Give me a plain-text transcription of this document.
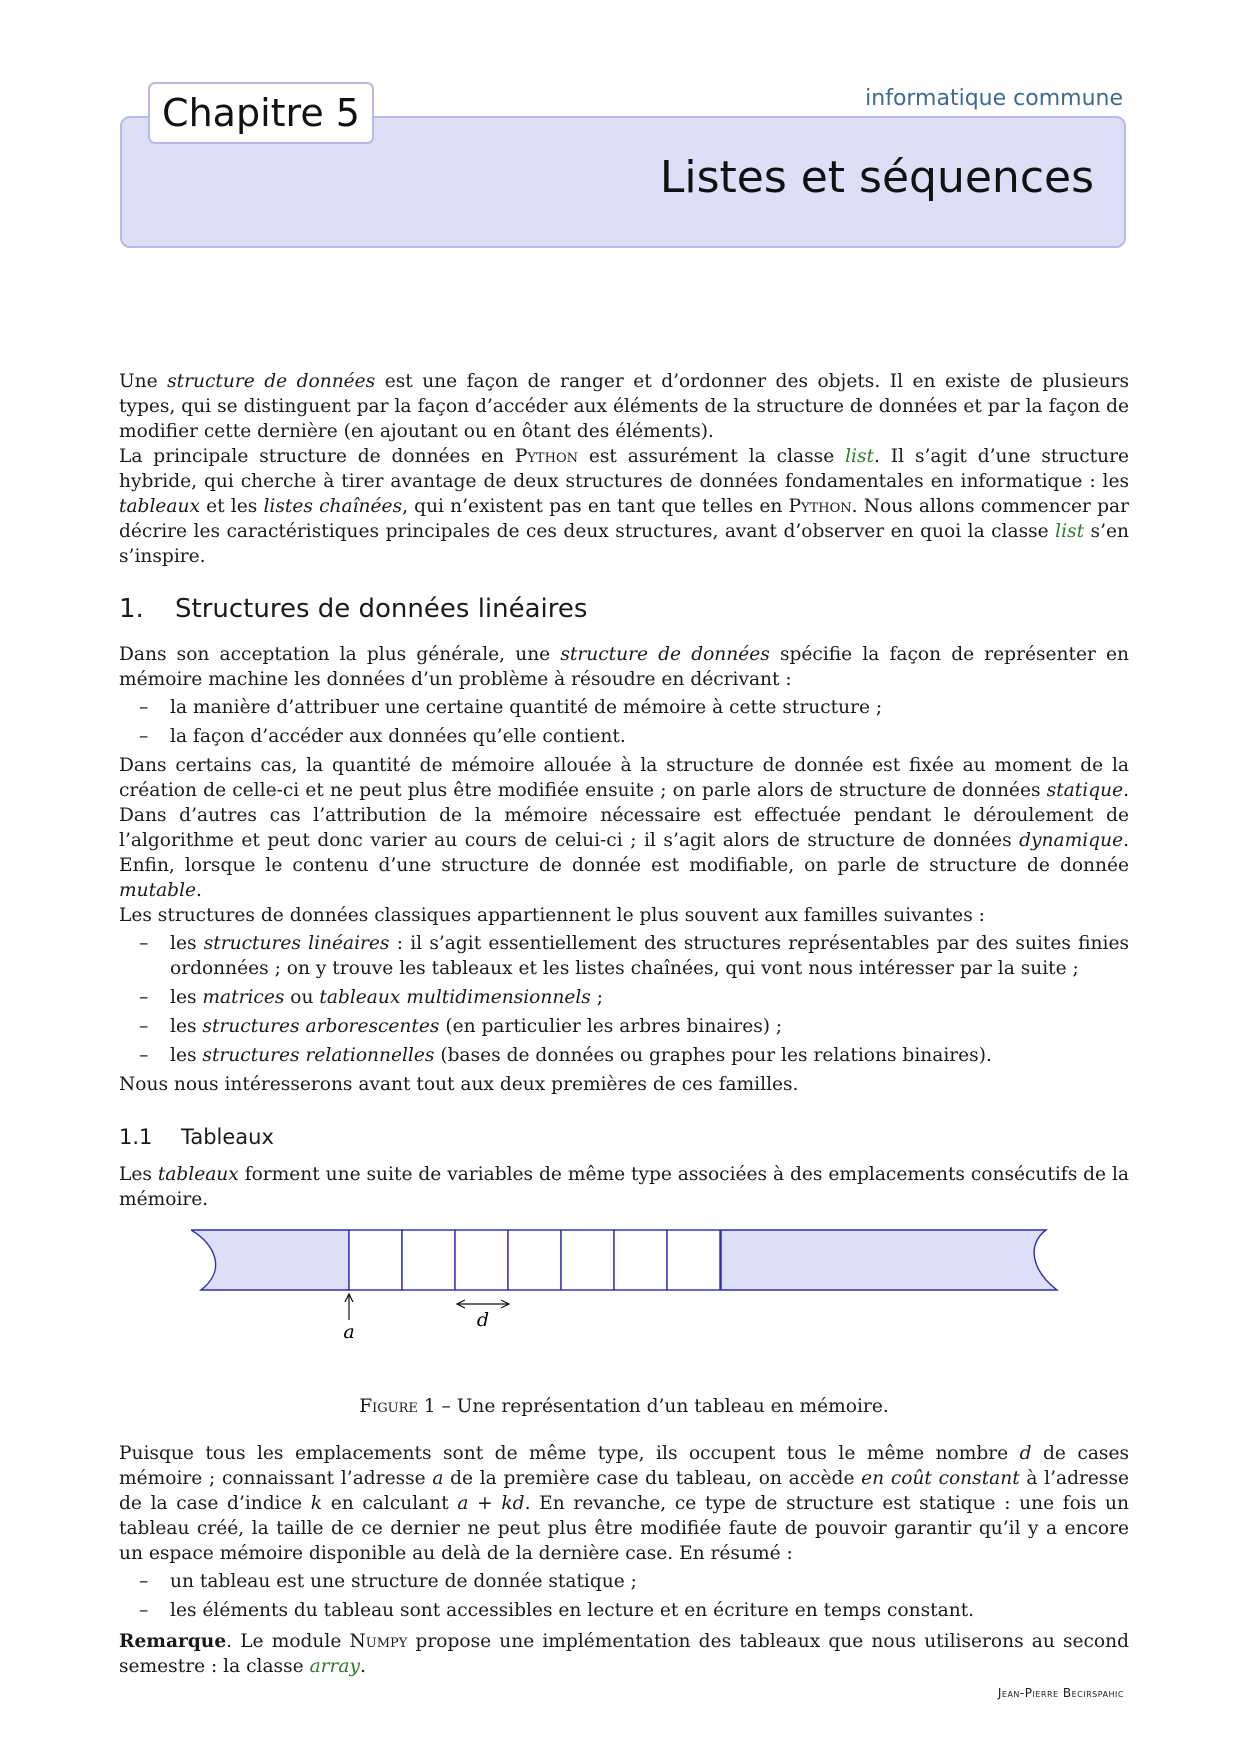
Chapitre 5	informatique commune
Listes et séquences

Une structure de données est une façon de ranger et d’ordonner des objets. Il en existe de plusieurs types, qui se distinguent par la façon d’accéder aux éléments de la structure de données et par la façon de modifier cette dernière (en ajoutant ou en ôtant des éléments).

La principale structure de données en Python est assurément la classe list. Il s’agit d’une structure hybride, qui cherche à tirer avantage de deux structures de données fondamentales en informatique : les tableaux et les listes chaînées, qui n’existent pas en tant que telles en Python. Nous allons commencer par décrire les caractéristiques principales de ces deux structures, avant d’observer en quoi la classe list s’en s’inspire.

1. Structures de données linéaires

Dans son acceptation la plus générale, une structure de données spécifie la façon de représenter en mémoire machine les données d’un problème à résoudre en décrivant :

– la manière d’attribuer une certaine quantité de mémoire à cette structure ;
– la façon d’accéder aux données qu’elle contient.

Dans certains cas, la quantité de mémoire allouée à la structure de donnée est fixée au moment de la création de celle-ci et ne peut plus être modifiée ensuite ; on parle alors de structure de données statique. Dans d’autres cas l’attribution de la mémoire nécessaire est effectuée pendant le déroulement de l’algorithme et peut donc varier au cours de celui-ci ; il s’agit alors de structure de données dynamique. Enfin, lorsque le contenu d’une structure de donnée est modifiable, on parle de structure de donnée mutable.

Les structures de données classiques appartiennent le plus souvent aux familles suivantes :

– les structures linéaires : il s’agit essentiellement des structures représentables par des suites finies ordonnées ; on y trouve les tableaux et les listes chaînées, qui vont nous intéresser par la suite ;
– les matrices ou tableaux multidimensionnels ;
– les structures arborescentes (en particulier les arbres binaires) ;
– les structures relationnelles (bases de données ou graphes pour les relations binaires).

Nous nous intéresserons avant tout aux deux premières de ces familles.

1.1 Tableaux

Les tableaux forment une suite de variables de même type associées à des emplacements consécutifs de la mémoire.

a
d

Figure 1 – Une représentation d’un tableau en mémoire.

Puisque tous les emplacements sont de même type, ils occupent tous le même nombre d de cases mémoire ; connaissant l’adresse a de la première case du tableau, on accède en coût constant à l’adresse de la case d’indice k en calculant a + kd. En revanche, ce type de structure est statique : une fois un tableau créé, la taille de ce dernier ne peut plus être modifiée faute de pouvoir garantir qu’il y a encore un espace mémoire disponible au delà de la dernière case. En résumé :

– un tableau est une structure de donnée statique ;
– les éléments du tableau sont accessibles en lecture et en écriture en temps constant.

Remarque. Le module Numpy propose une implémentation des tableaux que nous utiliserons au second semestre : la classe array.

Jean-Pierre Becirspahic
